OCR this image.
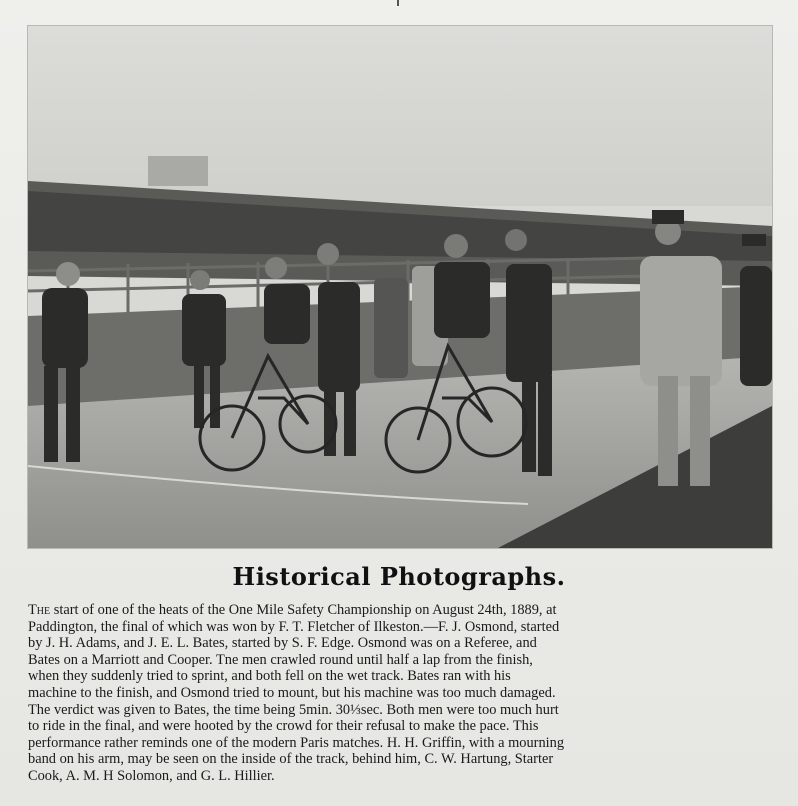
Historical Photographs.
The start of one of the heats of the One Mile Safety Championship on August 24th, 1889, at
Paddington, the final of which was won by F. T. Fletcher of Ilkeston.—F. J. Osmond, started
by J. H. Adams, and J. E. L. Bates, started by S. F. Edge. Osmond was on a Referee, and
Bates on a Marriott and Cooper. Tne men crawled round until half a lap from the finish,
when they suddenly tried to sprint, and both fell on the wet track. Bates ran with his
machine to the finish, and Osmond tried to mount, but his machine was too much damaged.
The verdict was given to Bates, the time being 5min. 30⅓sec. Both men were too much hurt
to ride in the final, and were hooted by the crowd for their refusal to make the pace. This
performance rather reminds one of the modern Paris matches. H. H. Griffin, with a mourning
band on his arm, may be seen on the inside of the track, behind him, C. W. Hartung, Starter
Cook, A. M. H Solomon, and G. L. Hillier.
